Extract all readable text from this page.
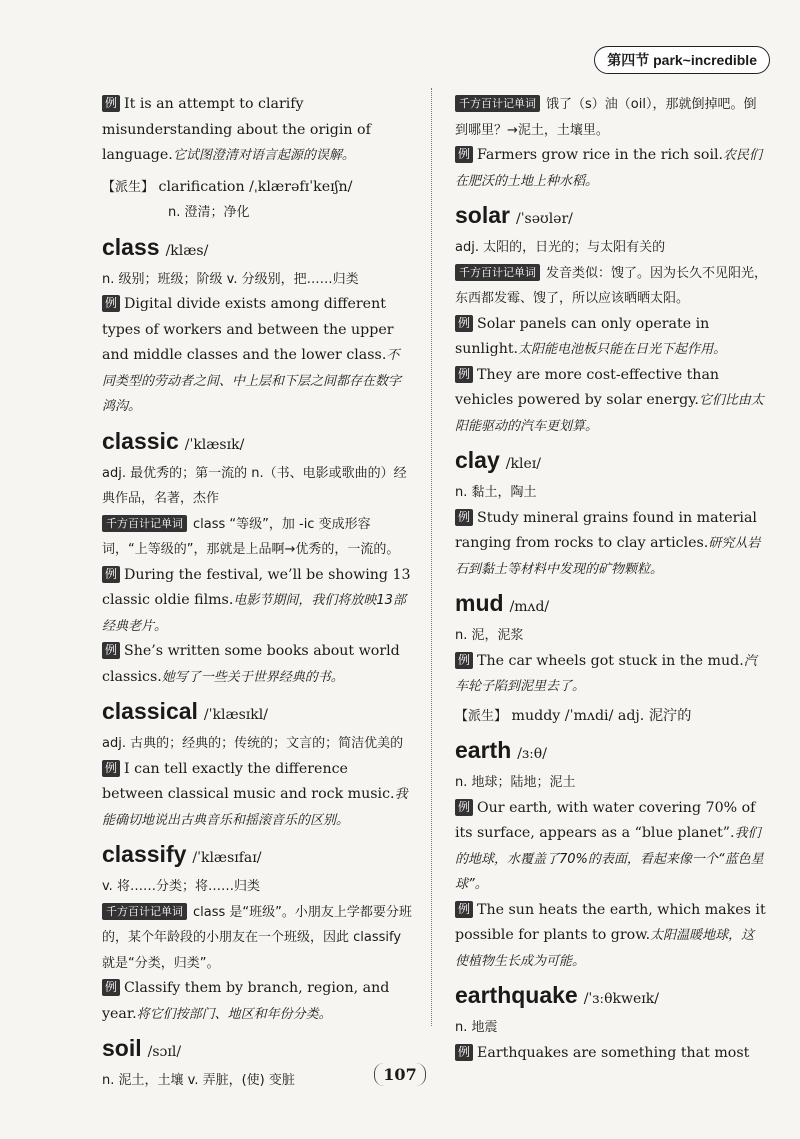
第四节 park~incredible

例 It is an attempt to clarify misunderstanding about the origin of language.它试图澄清对语言起源的误解。

【派生】 clarification /ˌklærəfɪˈkeɪʃn/

n. 澄清；净化

class /klæs/

n. 级别；班级；阶级 v. 分级别，把……归类

例 Digital divide exists among different types of workers and between the upper and middle classes and the lower class.不同类型的劳动者之间、中上层和下层之间都存在数字鸿沟。

classic /ˈklæsɪk/

adj. 最优秀的；第一流的 n.（书、电影或歌曲的）经典作品，名著，杰作

千方百计记单词 class “等级”，加 -ic 变成形容词，“上等级的”，那就是上品啊→优秀的，一流的。

例 During the festival, we’ll be showing 13 classic oldie films.电影节期间，我们将放映13部经典老片。

例 She’s written some books about world classics.她写了一些关于世界经典的书。

classical /ˈklæsɪkl/

adj. 古典的；经典的；传统的；文言的；简洁优美的

例 I can tell exactly the difference between classical music and rock music.我能确切地说出古典音乐和摇滚音乐的区别。

classify /ˈklæsɪfaɪ/

v. 将……分类；将……归类

千方百计记单词 class 是“班级”。小朋友上学都要分班的，某个年龄段的小朋友在一个班级，因此 classify 就是“分类，归类”。

例 Classify them by branch, region, and year.将它们按部门、地区和年份分类。

soil /sɔɪl/

n. 泥土，土壤 v. 弄脏，(使) 变脏

千方百计记单词 饿了（s）油（oil），那就倒掉吧。倒到哪里？→泥土，土壤里。

例 Farmers grow rice in the rich soil.农民们在肥沃的土地上种水稻。

solar /ˈsəʊlər/

adj. 太阳的，日光的；与太阳有关的

千方百计记单词 发音类似：馊了。因为长久不见阳光，东西都发霉、馊了，所以应该晒晒太阳。

例 Solar panels can only operate in sunlight.太阳能电池板只能在日光下起作用。

例 They are more cost-effective than vehicles powered by solar energy.它们比由太阳能驱动的汽车更划算。

clay /kleɪ/

n. 黏土，陶土

例 Study mineral grains found in material ranging from rocks to clay articles.研究从岩石到黏土等材料中发现的矿物颗粒。

mud /mʌd/

n. 泥，泥浆

例 The car wheels got stuck in the mud.汽车轮子陷到泥里去了。

【派生】 muddy /ˈmʌdi/ adj. 泥泞的

earth /ɜːθ/

n. 地球；陆地；泥土

例 Our earth, with water covering 70% of its surface, appears as a “blue planet”.我们的地球，水覆盖了70%的表面，看起来像一个“蓝色星球”。

例 The sun heats the earth, which makes it possible for plants to grow.太阳温暖地球，这使植物生长成为可能。

earthquake /ˈɜːθkweɪk/

n. 地震

例 Earthquakes are something that most

107
